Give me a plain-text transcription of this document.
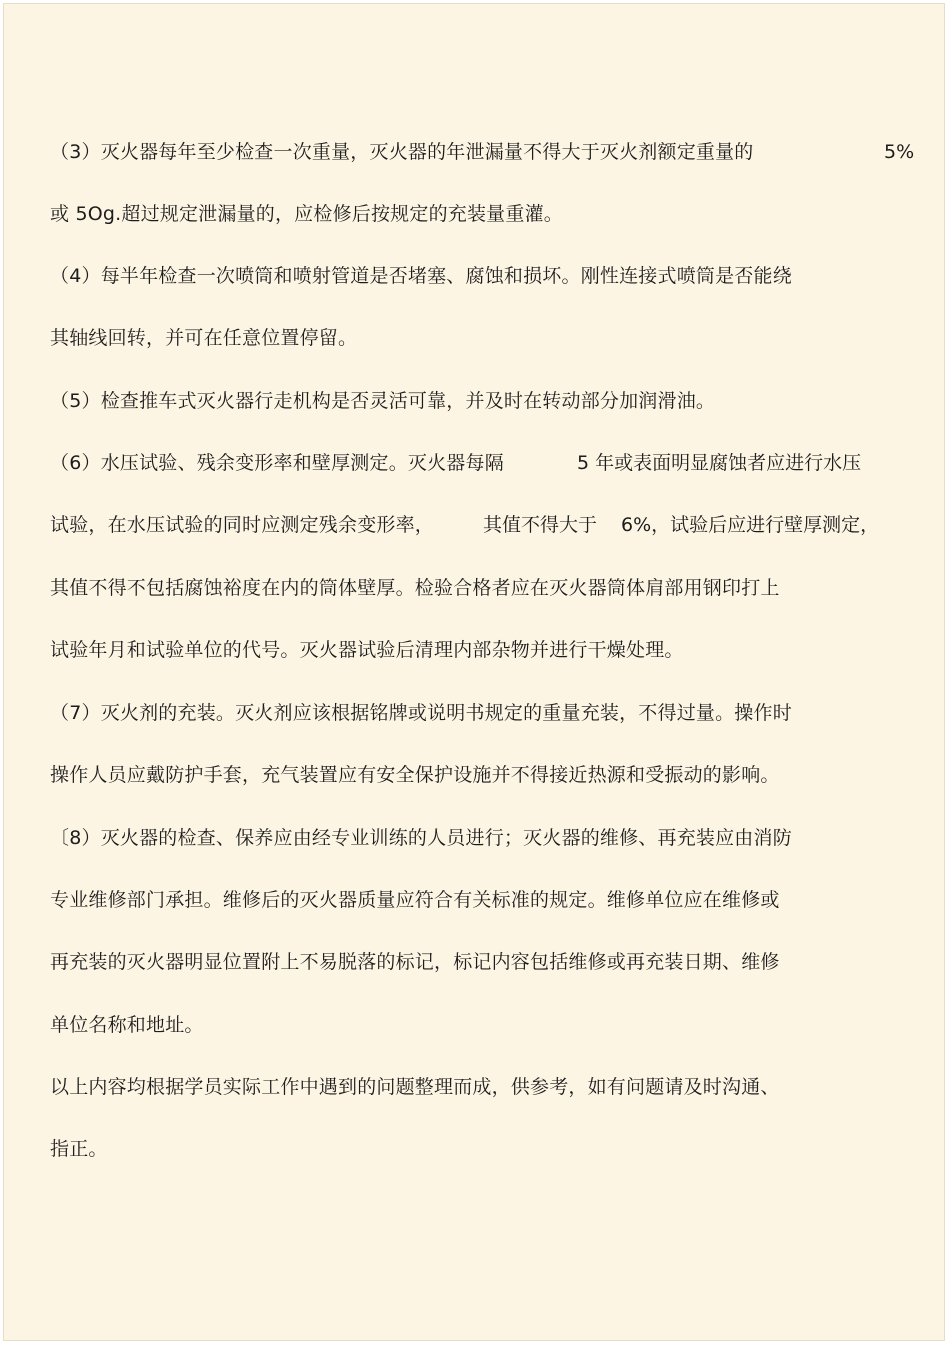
（3）灭火器每年至少检查一次重量，灭火器的年泄漏量不得大于灭火剂额定重量的	5%
或 5Og.超过规定泄漏量的，应检修后按规定的充装量重灌。
（4）每半年检查一次喷筒和喷射管道是否堵塞、腐蚀和损坏。刚性连接式喷筒是否能绕
其轴线回转，并可在任意位置停留。
（5）检查推车式灭火器行走机构是否灵活可靠，并及时在转动部分加润滑油。
（6）水压试验、残余变形率和壁厚测定。灭火器每隔	5 年或表面明显腐蚀者应进行水压
试验，在水压试验的同时应测定残余变形率，	其值不得大于 6%，试验后应进行壁厚测定，
其值不得不包括腐蚀裕度在内的筒体壁厚。检验合格者应在灭火器筒体肩部用钢印打上
试验年月和试验单位的代号。灭火器试验后清理内部杂物并进行干燥处理。
（7）灭火剂的充装。灭火剂应该根据铭牌或说明书规定的重量充装，不得过量。操作时
操作人员应戴防护手套，充气装置应有安全保护设施并不得接近热源和受振动的影响。
〔8）灭火器的检查、保养应由经专业训练的人员进行；灭火器的维修、再充装应由消防
专业维修部门承担。维修后的灭火器质量应符合有关标准的规定。维修单位应在维修或
再充装的灭火器明显位置附上不易脱落的标记，标记内容包括维修或再充装日期、维修
单位名称和地址。
以上内容均根据学员实际工作中遇到的问题整理而成，供参考，如有问题请及时沟通、
指正。
